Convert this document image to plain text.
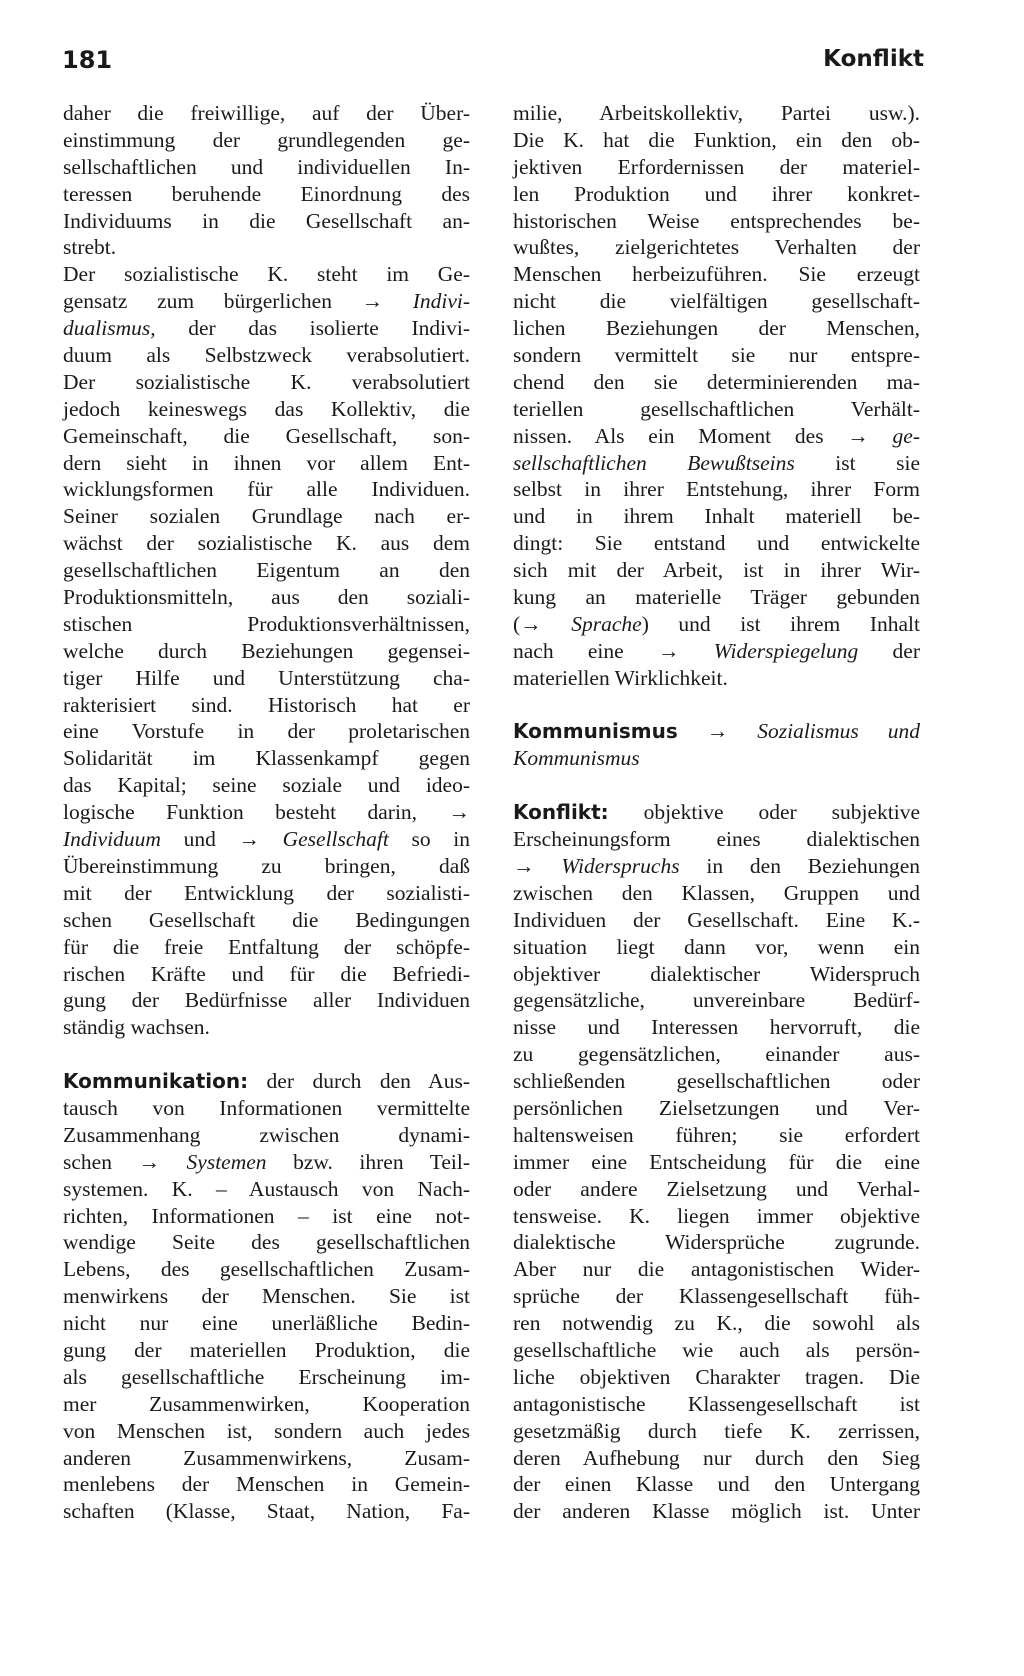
181	Konflikt
daher die freiwillige, auf der Über-
einstimmung der grundlegenden ge-
sellschaftlichen und individuellen In-
teressen beruhende Einordnung des
Individuums in die Gesellschaft an-
strebt.
Der sozialistische K. steht im Ge-
gensatz zum bürgerlichen → Indivi-
dualismus, der das isolierte Indivi-
duum als Selbstzweck verabsolutiert.
Der sozialistische K. verabsolutiert
jedoch keineswegs das Kollektiv, die
Gemeinschaft, die Gesellschaft, son-
dern sieht in ihnen vor allem Ent-
wicklungsformen für alle Individuen.
Seiner sozialen Grundlage nach er-
wächst der sozialistische K. aus dem
gesellschaftlichen Eigentum an den
Produktionsmitteln, aus den soziali-
stischen Produktionsverhältnissen,
welche durch Beziehungen gegensei-
tiger Hilfe und Unterstützung cha-
rakterisiert sind. Historisch hat er
eine Vorstufe in der proletarischen
Solidarität im Klassenkampf gegen
das Kapital; seine soziale und ideo-
logische Funktion besteht darin, →
Individuum und → Gesellschaft so in
Übereinstimmung zu bringen, daß
mit der Entwicklung der sozialisti-
schen Gesellschaft die Bedingungen
für die freie Entfaltung der schöpfe-
rischen Kräfte und für die Befriedi-
gung der Bedürfnisse aller Individuen
ständig wachsen.
Kommunikation: der durch den Aus-
tausch von Informationen vermittelte
Zusammenhang zwischen dynami-
schen → Systemen bzw. ihren Teil-
systemen. K. – Austausch von Nach-
richten, Informationen – ist eine not-
wendige Seite des gesellschaftlichen
Lebens, des gesellschaftlichen Zusam-
menwirkens der Menschen. Sie ist
nicht nur eine unerläßliche Bedin-
gung der materiellen Produktion, die
als gesellschaftliche Erscheinung im-
mer Zusammenwirken, Kooperation
von Menschen ist, sondern auch jedes
anderen Zusammenwirkens, Zusam-
menlebens der Menschen in Gemein-
schaften (Klasse, Staat, Nation, Fa-
milie, Arbeitskollektiv, Partei usw.).
Die K. hat die Funktion, ein den ob-
jektiven Erfordernissen der materiel-
len Produktion und ihrer konkret-
historischen Weise entsprechendes be-
wußtes, zielgerichtetes Verhalten der
Menschen herbeizuführen. Sie erzeugt
nicht die vielfältigen gesellschaft-
lichen Beziehungen der Menschen,
sondern vermittelt sie nur entspre-
chend den sie determinierenden ma-
teriellen gesellschaftlichen Verhält-
nissen. Als ein Moment des → ge-
sellschaftlichen Bewußtseins ist sie
selbst in ihrer Entstehung, ihrer Form
und in ihrem Inhalt materiell be-
dingt: Sie entstand und entwickelte
sich mit der Arbeit, ist in ihrer Wir-
kung an materielle Träger gebunden
(→ Sprache) und ist ihrem Inhalt
nach eine → Widerspiegelung der
materiellen Wirklichkeit.
Kommunismus → Sozialismus und
Kommunismus
Konflikt: objektive oder subjektive
Erscheinungsform eines dialektischen
→ Widerspruchs in den Beziehungen
zwischen den Klassen, Gruppen und
Individuen der Gesellschaft. Eine K.-
situation liegt dann vor, wenn ein
objektiver dialektischer Widerspruch
gegensätzliche, unvereinbare Bedürf-
nisse und Interessen hervorruft, die
zu gegensätzlichen, einander aus-
schließenden gesellschaftlichen oder
persönlichen Zielsetzungen und Ver-
haltensweisen führen; sie erfordert
immer eine Entscheidung für die eine
oder andere Zielsetzung und Verhal-
tensweise. K. liegen immer objektive
dialektische Widersprüche zugrunde.
Aber nur die antagonistischen Wider-
sprüche der Klassengesellschaft füh-
ren notwendig zu K., die sowohl als
gesellschaftliche wie auch als persön-
liche objektiven Charakter tragen. Die
antagonistische Klassengesellschaft ist
gesetzmäßig durch tiefe K. zerrissen,
deren Aufhebung nur durch den Sieg
der einen Klasse und den Untergang
der anderen Klasse möglich ist. Unter
